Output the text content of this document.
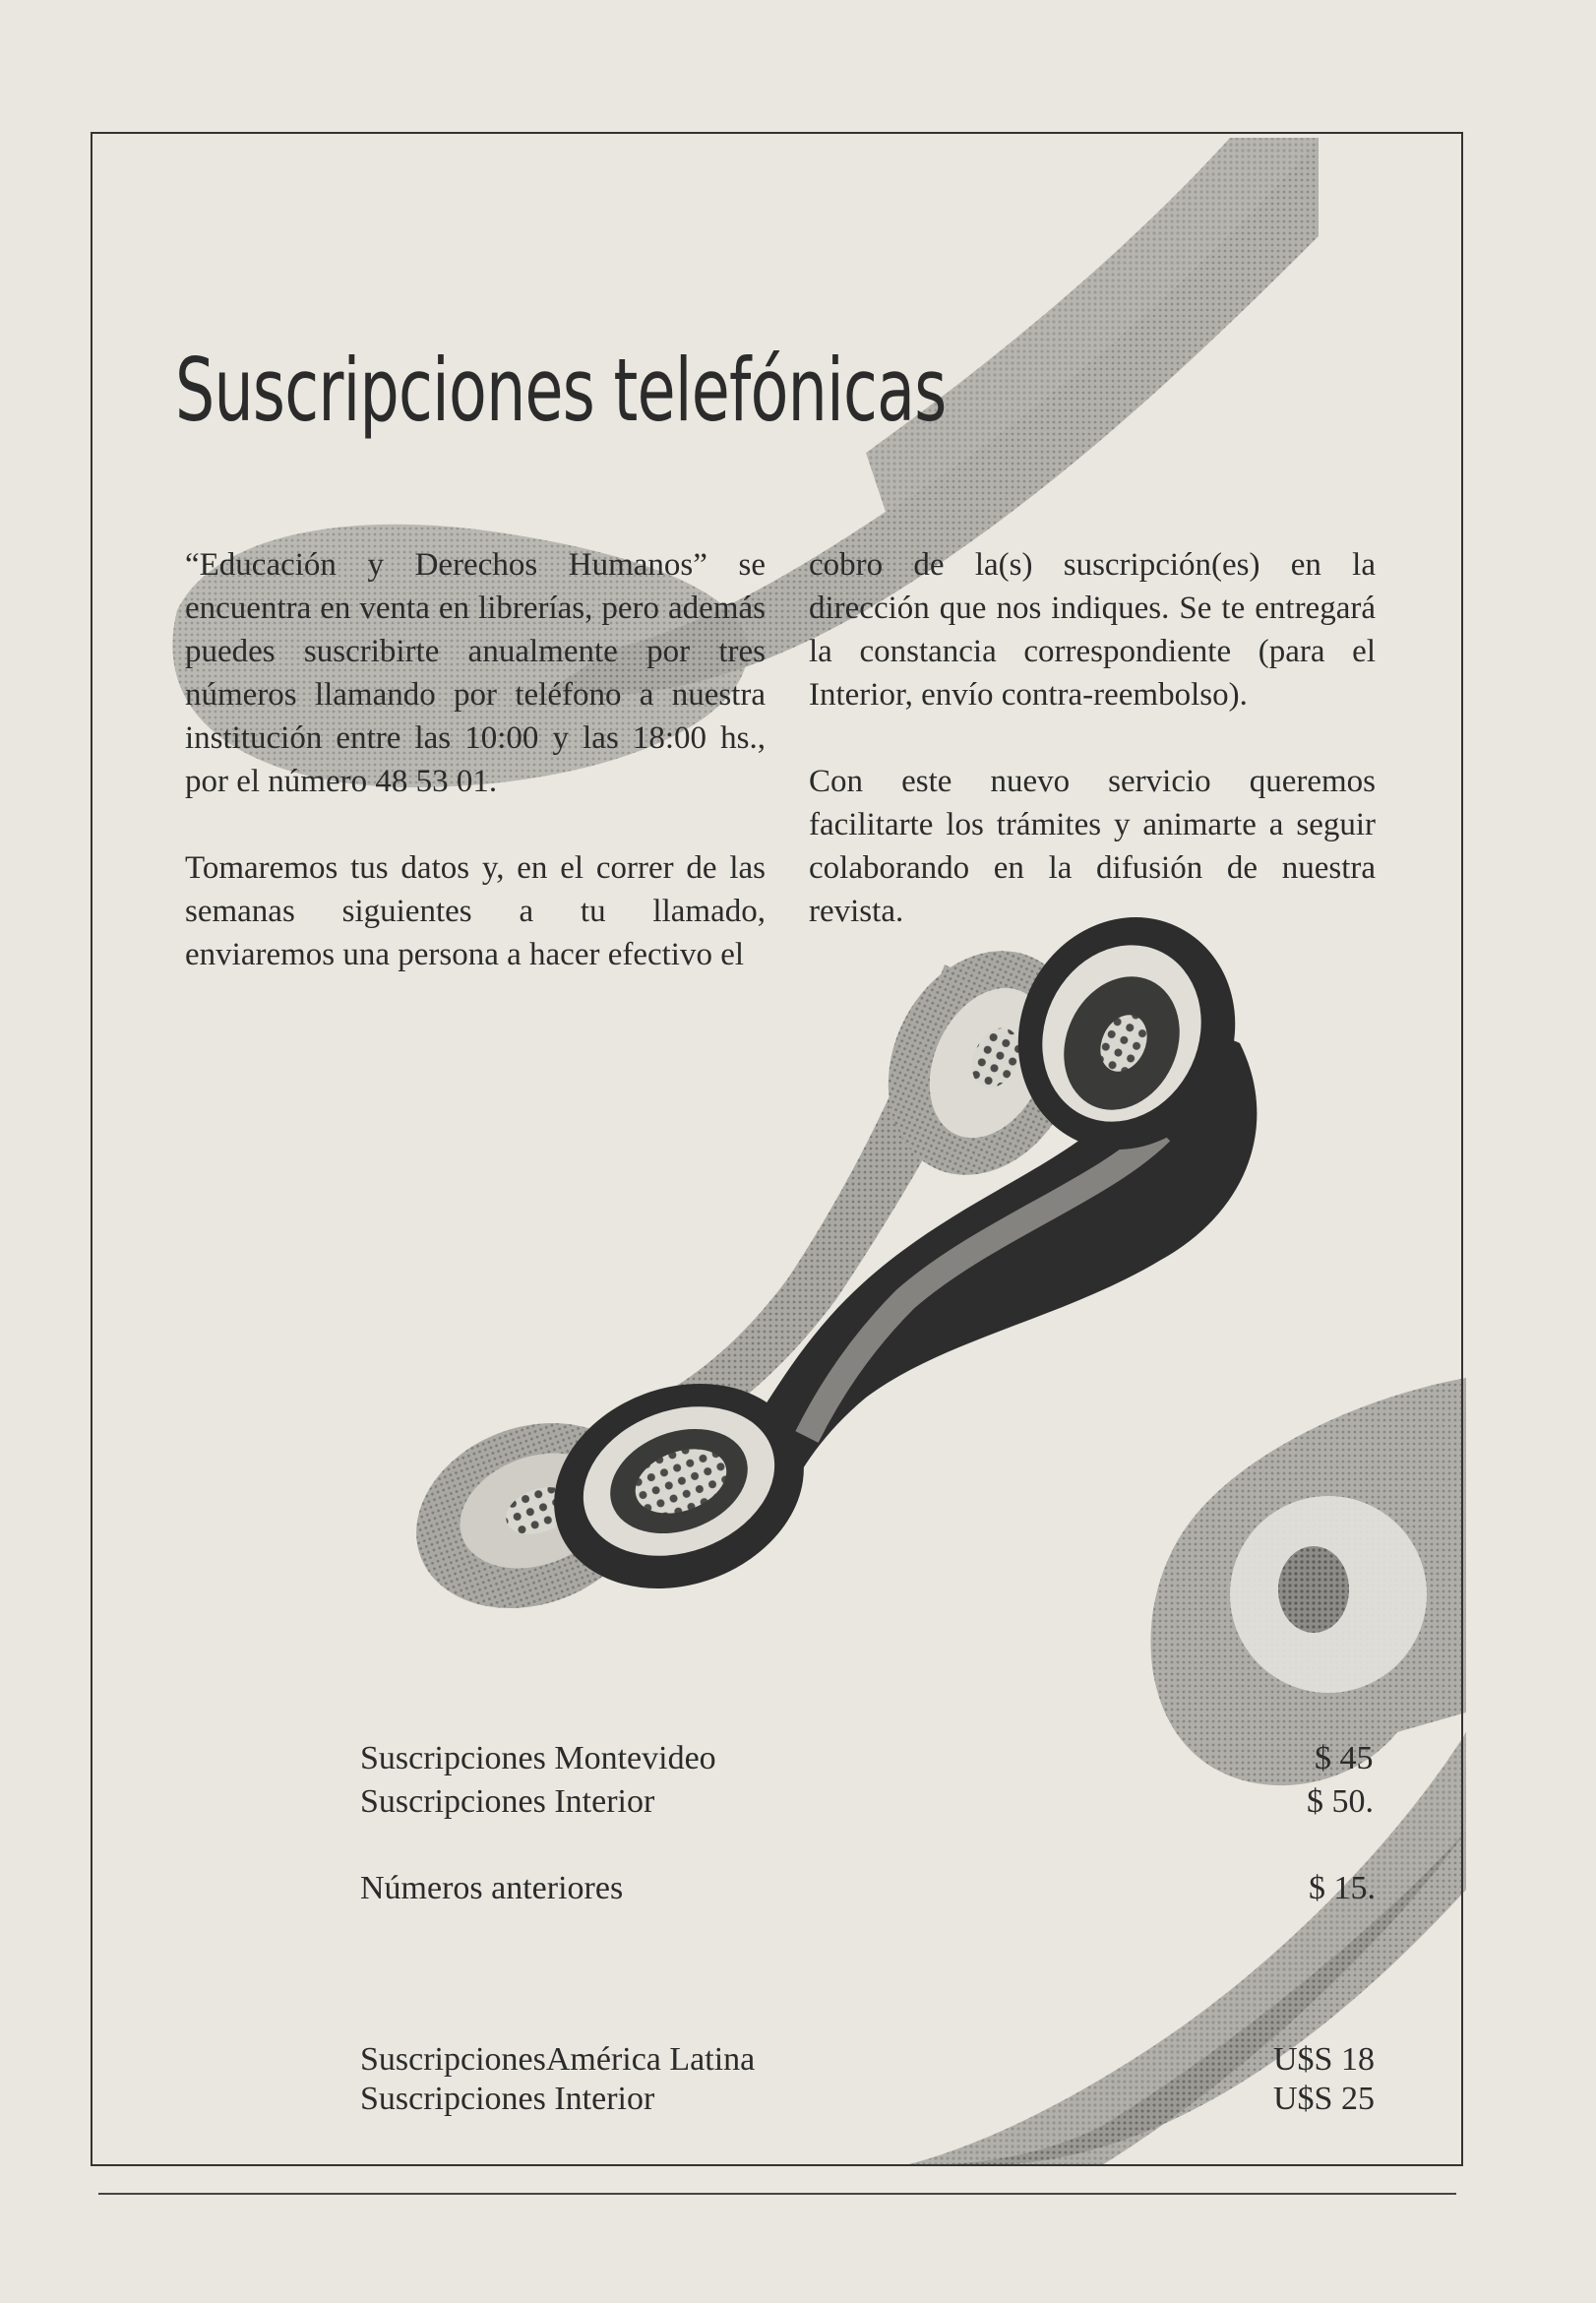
Suscripciones telefónicas

“Educación y Derechos Humanos” se encuentra en venta en librerías, pero además puedes suscribirte anualmente por tres números llamando por teléfono a nuestra institución entre las 10:00 y las 18:00 hs., por el número 48 53 01.

Tomaremos tus datos y, en el correr de las semanas siguientes a tu llamado, enviaremos una persona a hacer efectivo el

cobro de la(s) suscripción(es) en la dirección que nos indiques. Se te entregará la constancia correspondiente (para el Interior, envío contra-reembolso).

Con este nuevo servicio queremos facilitarte los trámites y animarte a seguir colaborando en la difusión de nuestra revista.

Suscripciones Montevideo	$ 45
Suscripciones Interior	$ 50.
Números anteriores	$ 15.
SuscripcionesAmérica Latina	U$S 18
Suscripciones Interior	U$S 25
